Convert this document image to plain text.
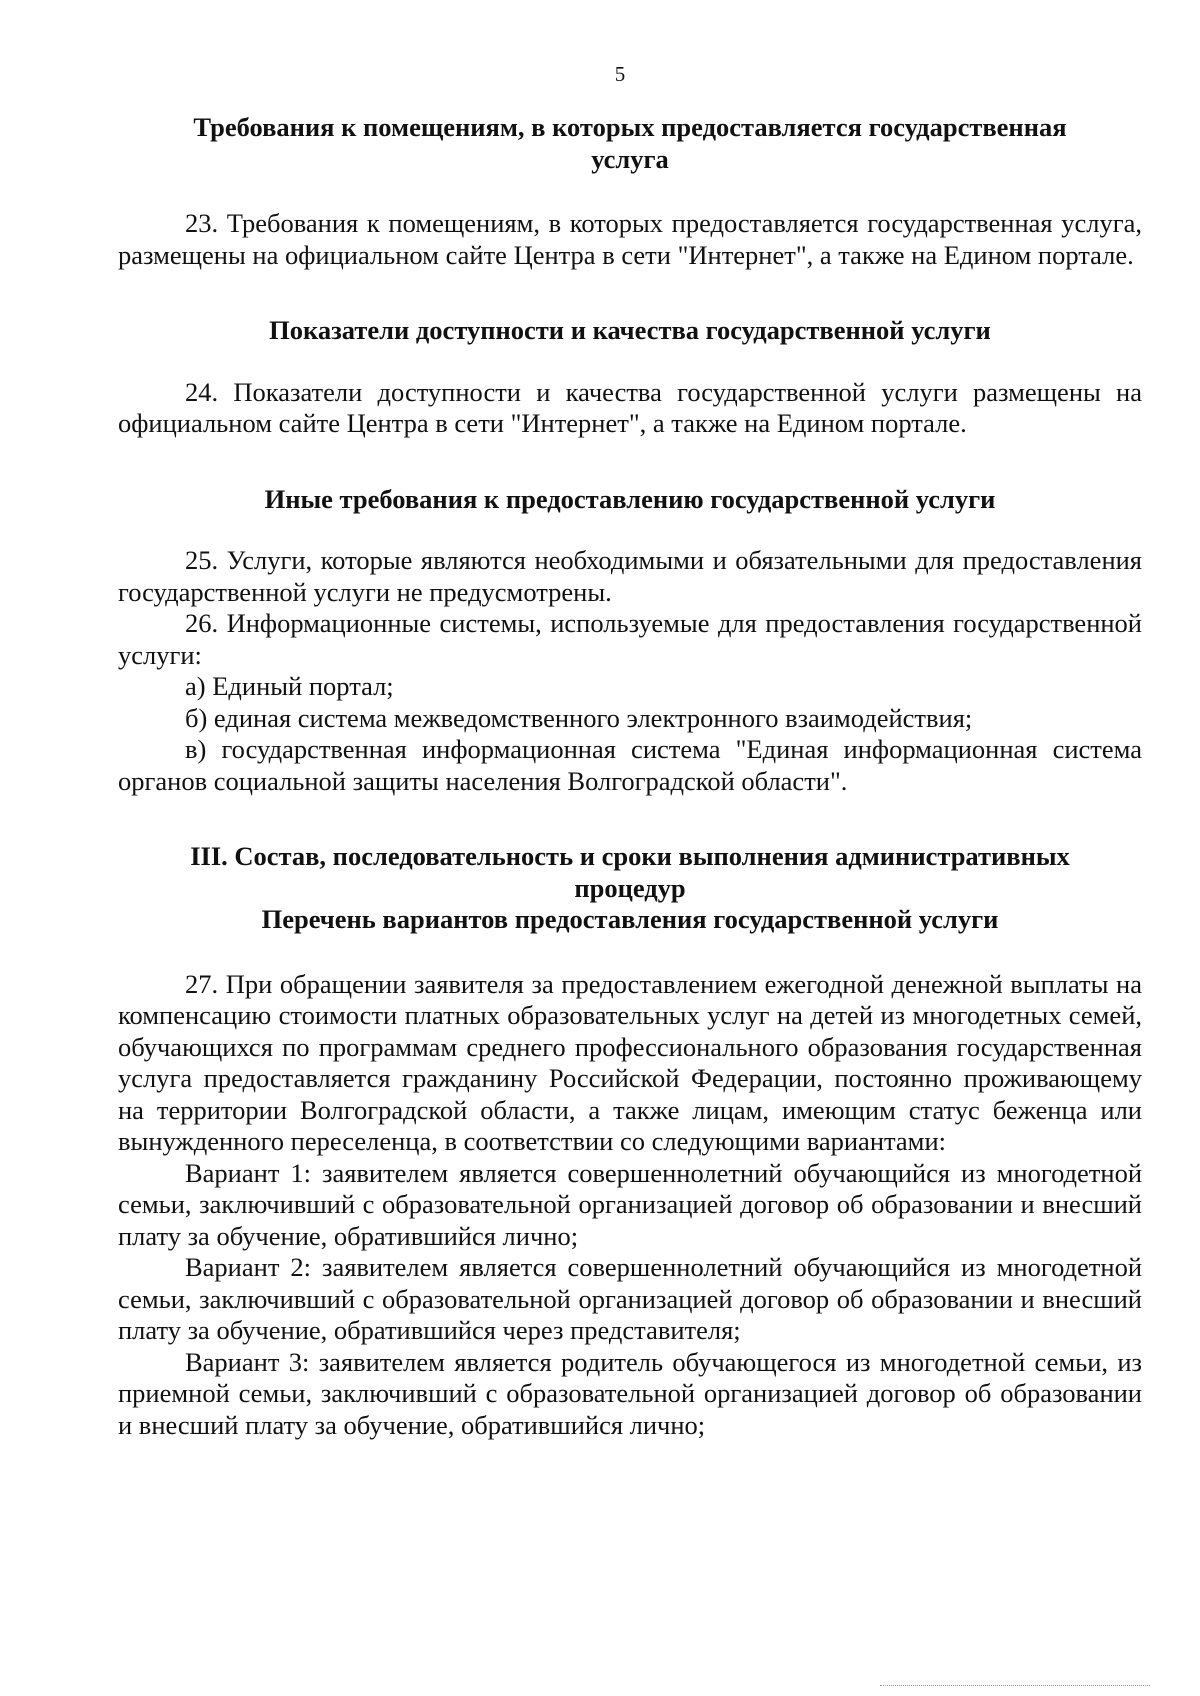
5
Требования к помещениям, в которых предоставляется государственная услуга

23. Требования к помещениям, в которых предоставляется государственная услуга, размещены на официальном сайте Центра в сети "Интернет", а также на Едином портале.

Показатели доступности и качества государственной услуги

24. Показатели доступности и качества государственной услуги размещены на официальном сайте Центра в сети "Интернет", а также на Едином портале.

Иные требования к предоставлению государственной услуги

25. Услуги, которые являются необходимыми и обязательными для предоставления государственной услуги не предусмотрены.

26. Информационные системы, используемые для предоставления государственной услуги:

а) Единый портал;

б) единая система межведомственного электронного взаимодействия;

в) государственная информационная система "Единая информационная система органов социальной защиты населения Волгоградской области".

III. Состав, последовательность и сроки выполнения административных процедур
Перечень вариантов предоставления государственной услуги

27. При обращении заявителя за предоставлением ежегодной денежной выплаты на компенсацию стоимости платных образовательных услуг на детей из многодетных семей, обучающихся по программам среднего профессионального образования государственная услуга предоставляется гражданину Российской Федерации, постоянно проживающему на территории Волгоградской области, а также лицам, имеющим статус беженца или вынужденного переселенца, в соответствии со следующими вариантами:

Вариант 1: заявителем является совершеннолетний обучающийся из многодетной семьи, заключивший с образовательной организацией договор об образовании и внесший плату за обучение, обратившийся лично;

Вариант 2: заявителем является совершеннолетний обучающийся из многодетной семьи, заключивший с образовательной организацией договор об образовании и внесший плату за обучение, обратившийся через представителя;

Вариант 3: заявителем является родитель обучающегося из многодетной семьи, из приемной семьи, заключивший с образовательной организацией договор об образовании и внесший плату за обучение, обратившийся лично;
